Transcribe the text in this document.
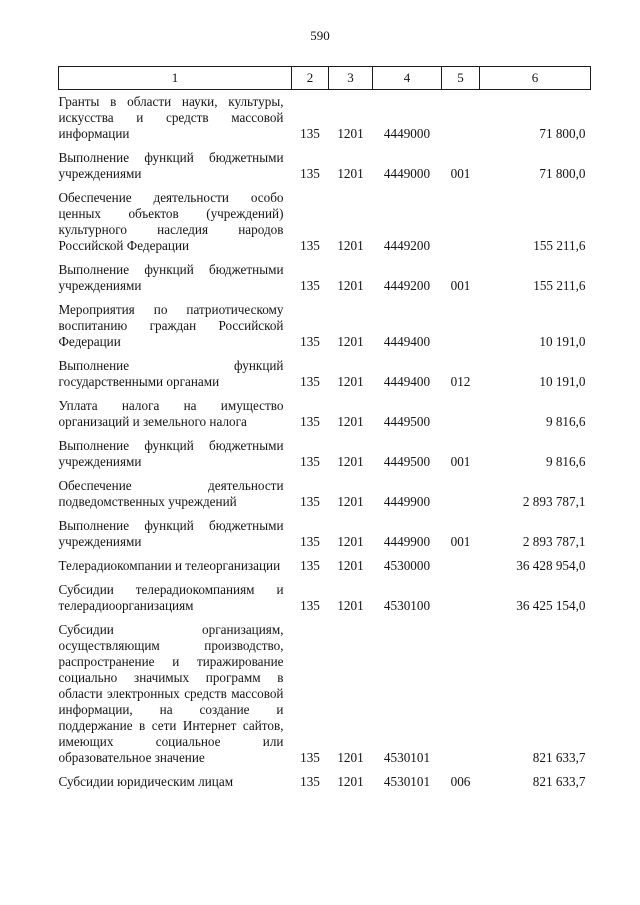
590
1	2	3	4	5	6
Гранты в области науки, культуры, искусства и средств массовой информации	135	1201	4449000		71 800,0
Выполнение функций бюджетными учреждениями	135	1201	4449000	001	71 800,0
Обеспечение деятельности особо ценных объектов (учреждений) культурного наследия народов Российской Федерации	135	1201	4449200		155 211,6
Выполнение функций бюджетными учреждениями	135	1201	4449200	001	155 211,6
Мероприятия по патриотическому воспитанию граждан Российской Федерации	135	1201	4449400		10 191,0
Выполнение функций государственными органами	135	1201	4449400	012	10 191,0
Уплата налога на имущество организаций и земельного налога	135	1201	4449500		9 816,6
Выполнение функций бюджетными учреждениями	135	1201	4449500	001	9 816,6
Обеспечение деятельности подведомственных учреждений	135	1201	4449900		2 893 787,1
Выполнение функций бюджетными учреждениями	135	1201	4449900	001	2 893 787,1
Телерадиокомпании и телеорганизации	135	1201	4530000		36 428 954,0
Субсидии телерадиокомпаниям и телерадиоорганизациям	135	1201	4530100		36 425 154,0
Субсидии организациям, осуществляющим производство, распространение и тиражирование социально значимых программ в области электронных средств массовой информации, на создание и поддержание в сети Интернет сайтов, имеющих социальное или образовательное значение	135	1201	4530101		821 633,7
Субсидии юридическим лицам	135	1201	4530101	006	821 633,7
